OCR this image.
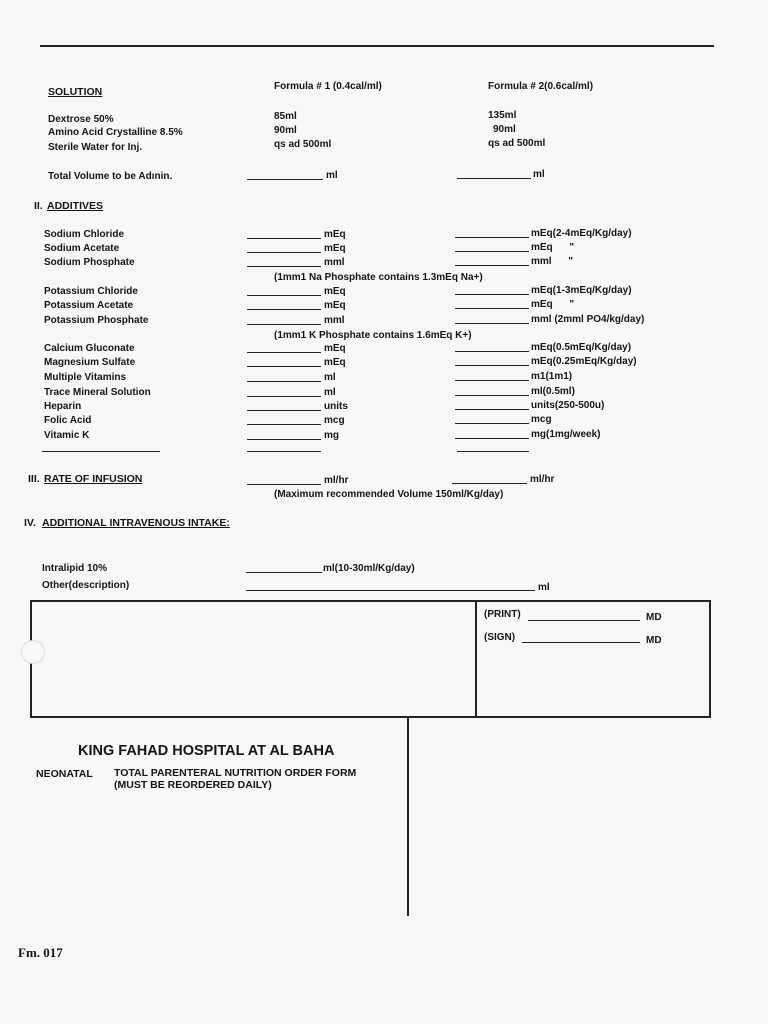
SOLUTION	Formula # 1 (0.4cal/ml)	Formula # 2(0.6cal/ml)
Dextrose 50%	85ml	135ml
Amino Acid Crystalline 8.5%	90ml	90ml
Sterile Water for Inj.	qs ad 500ml	qs ad 500ml
Total Volume to be Adınin.	ml	ml
II. ADDITIVES
Sodium Chloride	mEq	mEq(2-4mEq/Kg/day)
Sodium Acetate	mEq	mEq      "
Sodium Phosphate	mml	mml      "
Potassium Chloride	mEq	mEq(1-3mEq/Kg/day)
Potassium Acetate	mEq	mEq      "
Potassium Phosphate	mml	mml (2mml PO4/kg/day)
Calcium Gluconate	mEq	mEq(0.5mEq/Kg/day)
Magnesium Sulfate	mEq	mEq(0.25mEq/Kg/day)
Multiple Vitamins	ml	m1(1m1)
Trace Mineral Solution	ml	ml(0.5ml)
Heparin	units	units(250-500u)
Folic Acid	mcg	mcg
Vitamic K	mg	mg(1mg/week)
(1mm1 Na Phosphate contains 1.3mEq Na+)
(1mm1 K Phosphate contains 1.6mEq K+)
III. RATE OF INFUSION	ml/hr	ml/hr
(Maximum recommended Volume 150ml/Kg/day)
IV. ADDITIONAL INTRAVENOUS INTAKE:
Intralipid 10%	ml(10-30ml/Kg/day)
Other(description)	ml
(PRINT)	MD
(SIGN)	MD
KING FAHAD HOSPITAL AT AL BAHA
NEONATAL TOTAL PARENTERAL NUTRITION ORDER FORM
(MUST BE REORDERED DAILY)
Fm. 017
